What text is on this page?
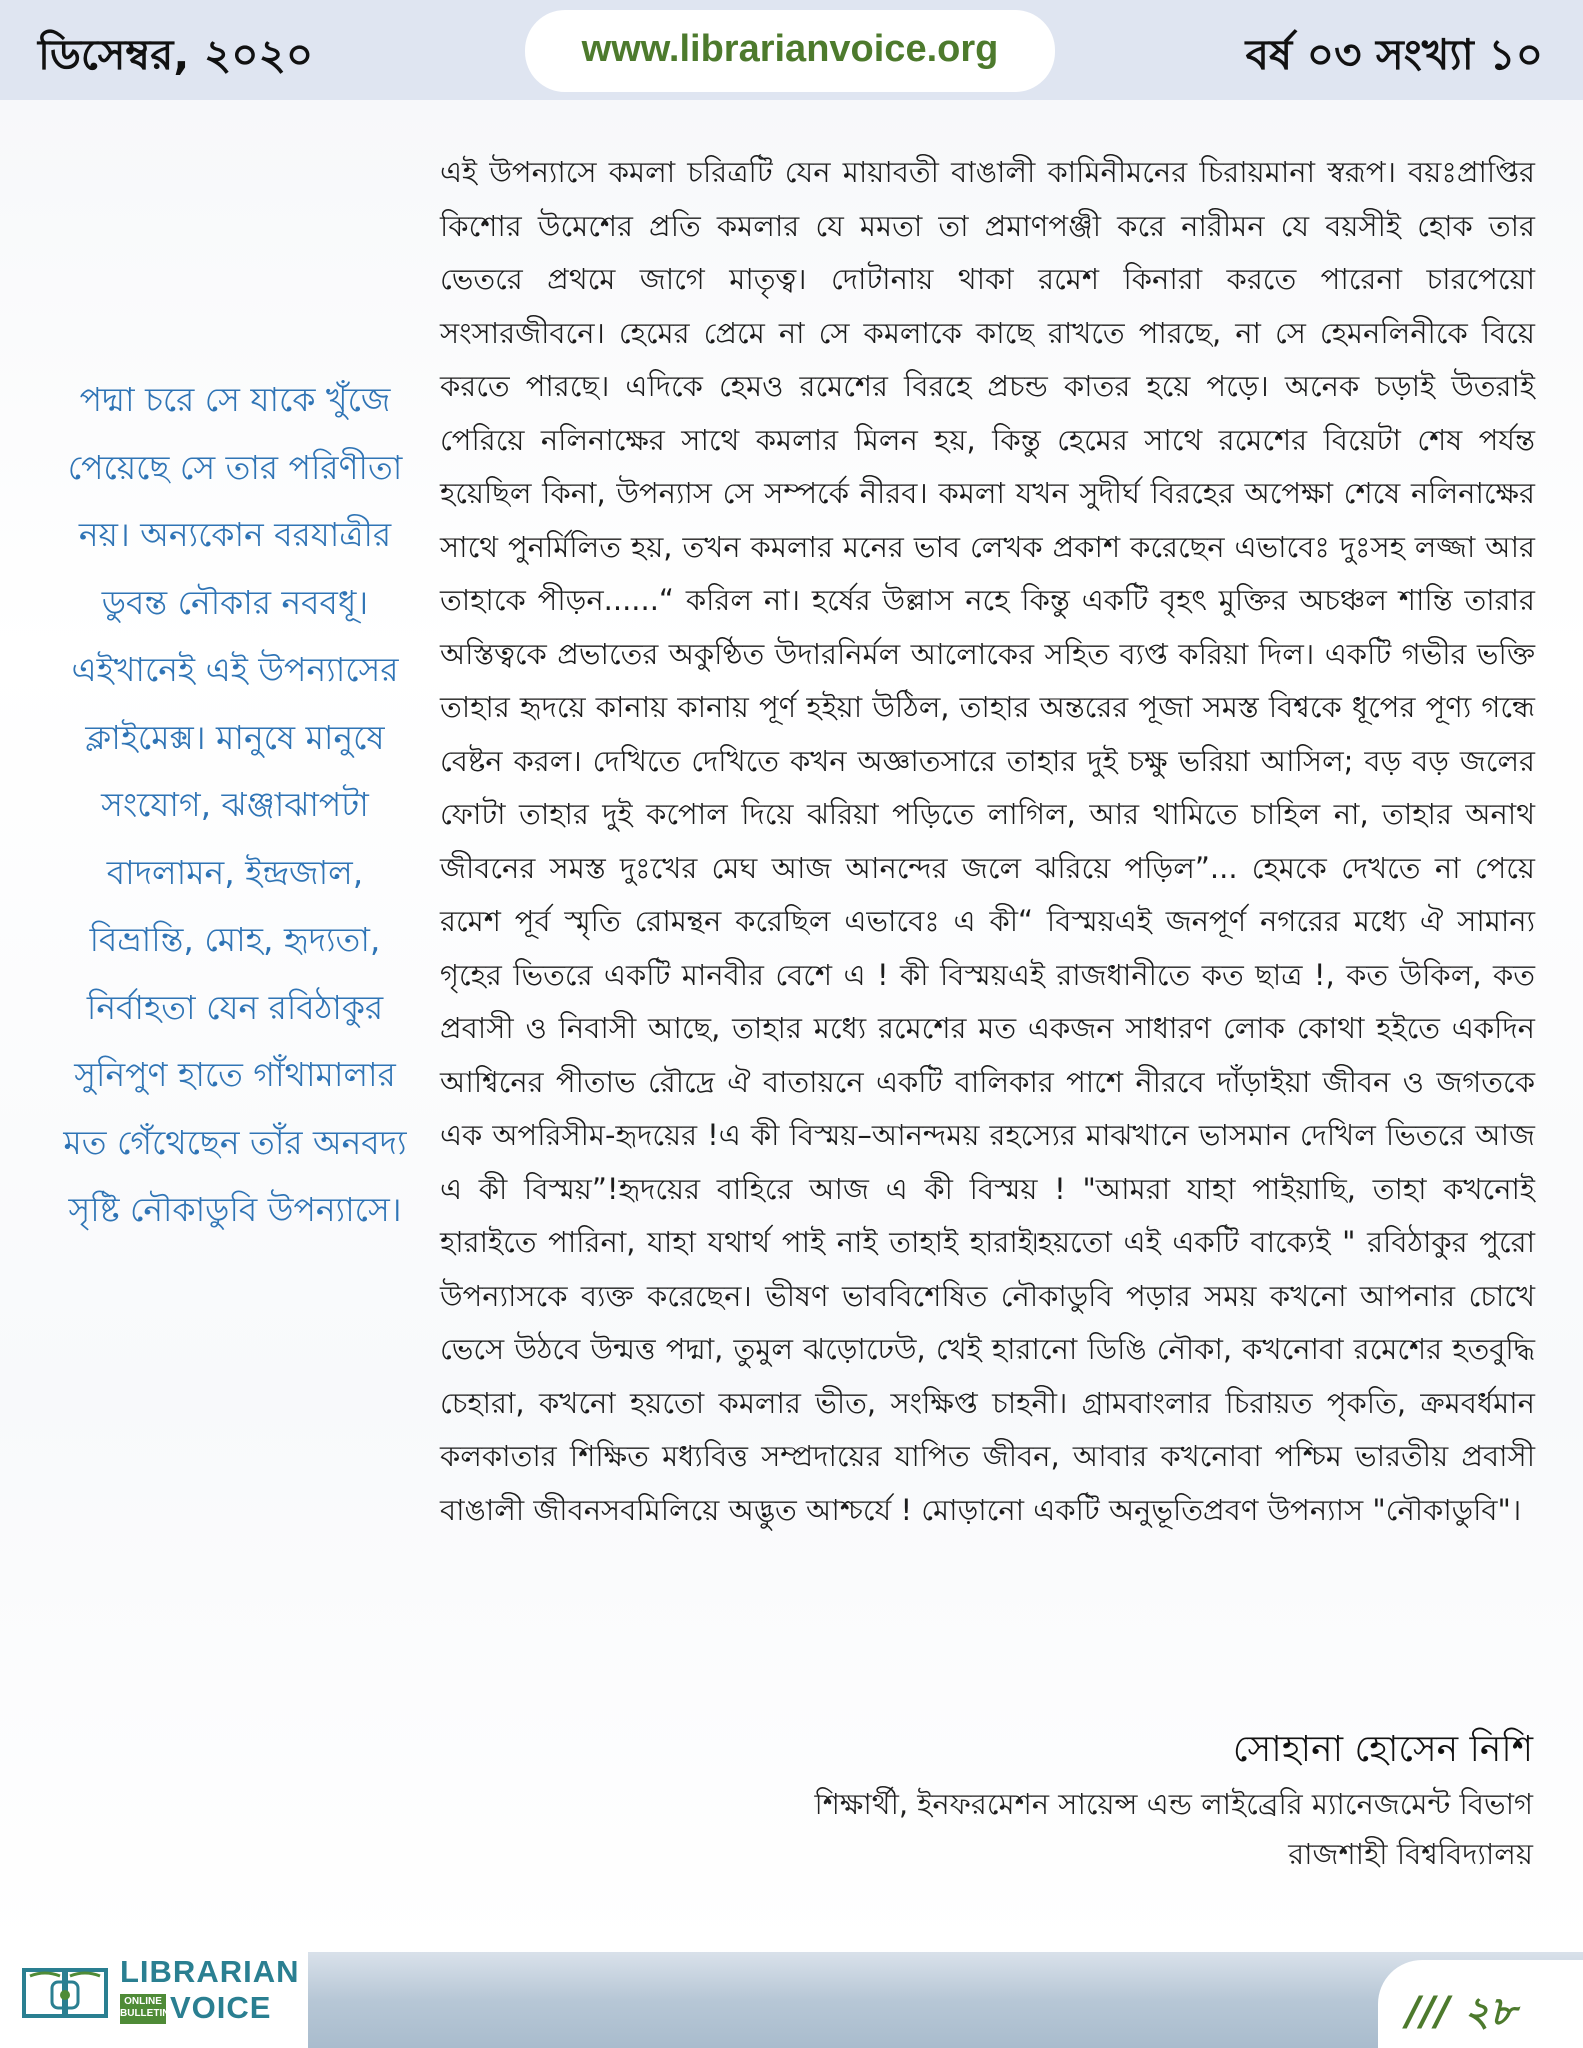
ডিসেম্বর, ২০২০	www.librarianvoice.org	বর্ষ ০৩ সংখ্যা ১০
পদ্মা চরে সে যাকে খুঁজে পেয়েছে সে তার পরিণীতা নয়। অন্যকোন বরযাত্রীর ডুবন্ত নৌকার নববধূ। এইখানেই এই উপন্যাসের ক্লাইমেক্স। মানুষে মানুষে সংযোগ, ঝঞ্জাঝাপটা বাদলামন, ইন্দ্রজাল, বিভ্রান্তি, মোহ, হৃদ্যতা, নির্বাহতা যেন রবিঠাকুর সুনিপুণ হাতে গাঁথামালার মত গেঁথেছেন তাঁর অনবদ্য সৃষ্টি নৌকাডুবি উপন্যাসে।

এই উপন্যাসে কমলা চরিত্রটি যেন মায়াবতী বাঙালী কামিনীমনের চিরায়মানা স্বরূপ। বয়ঃপ্রাপ্তির কিশোর উমেশের প্রতি কমলার যে মমতা তা প্রমাণপঞ্জী করে নারীমন যে বয়সীই হোক তার ভেতরে প্রথমে জাগে মাতৃত্ব। দোটানায় থাকা রমেশ কিনারা করতে পারেনা চারপেয়ো সংসারজীবনে। হেমের প্রেমে না সে কমলাকে কাছে রাখতে পারছে, না সে হেমনলিনীকে বিয়ে করতে পারছে। এদিকে হেমও রমেশের বিরহে প্রচন্ড কাতর হয়ে পড়ে। অনেক চড়াই উতরাই পেরিয়ে নলিনাক্ষের সাথে কমলার মিলন হয়, কিন্তু হেমের সাথে রমেশের বিয়েটা শেষ পর্যন্ত হয়েছিল কিনা, উপন্যাস সে সম্পর্কে নীরব। কমলা যখন সুদীর্ঘ বিরহের অপেক্ষা শেষে নলিনাক্ষের সাথে পুনর্মিলিত হয়, তখন কমলার মনের ভাব লেখক প্রকাশ করেছেন এভাবেঃ দুঃসহ লজ্জা আর তাহাকে পীড়ন......“ করিল না। হর্ষের উল্লাস নহে কিন্তু একটি বৃহৎ মুক্তির অচঞ্চল শান্তি তারার অস্তিত্বকে প্রভাতের অকুণ্ঠিত উদারনির্মল আলোকের সহিত ব্যপ্ত করিয়া দিল। একটি গভীর ভক্তি তাহার হৃদয়ে কানায় কানায় পূর্ণ হইয়া উঠিল, তাহার অন্তরের পূজা সমস্ত বিশ্বকে ধূপের পূণ্য গন্ধে বেষ্টন করল। দেখিতে দেখিতে কখন অজ্ঞাতসারে তাহার দুই চক্ষু ভরিয়া আসিল; বড় বড় জলের ফোটা তাহার দুই কপোল দিয়ে ঝরিয়া পড়িতে লাগিল, আর থামিতে চাহিল না, তাহার অনাথ জীবনের সমস্ত দুঃখের মেঘ আজ আনন্দের জলে ঝরিয়ে পড়িল”... হেমকে দেখতে না পেয়ে রমেশ পূর্ব স্মৃতি রোমন্থন করেছিল এভাবেঃ এ কী“ বিস্ময়এই জনপূর্ণ নগরের মধ্যে ঐ সামান্য গৃহের ভিতরে একটি মানবীর বেশে এ ! কী বিস্ময়এই রাজধানীতে কত ছাত্র !, কত উকিল, কত প্রবাসী ও নিবাসী আছে, তাহার মধ্যে রমেশের মত একজন সাধারণ লোক কোথা হইতে একদিন আশ্বিনের পীতাভ রৌদ্রে ঐ বাতায়নে একটি বালিকার পাশে নীরবে দাঁড়াইয়া জীবন ও জগতকে এক অপরিসীম-হৃদয়ের !এ কী বিস্ময়–আনন্দময় রহস্যের মাঝখানে ভাসমান দেখিল ভিতরে আজ এ কী বিস্ময়”!হৃদয়ের বাহিরে আজ এ কী বিস্ময় ! "আমরা যাহা পাইয়াছি, তাহা কখনোই হারাইতে পারিনা, যাহা যথার্থ পাই নাই তাহাই হারাই৷হয়তো এই একটি বাক্যেই " রবিঠাকুর পুরো উপন্যাসকে ব্যক্ত করেছেন। ভীষণ ভাববিশেষিত নৌকাডুবি পড়ার সময় কখনো আপনার চোখে ভেসে উঠবে উন্মত্ত পদ্মা, তুমুল ঝড়োঢেউ, খেই হারানো ডিঙি নৌকা, কখনোবা রমেশের হতবুদ্ধি চেহারা, কখনো হয়তো কমলার ভীত, সংক্ষিপ্ত চাহনী। গ্রামবাংলার চিরায়ত পৃকতি, ক্রমবর্ধমান কলকাতার শিক্ষিত মধ্যবিত্ত সম্প্রদায়ের যাপিত জীবন, আবার কখনোবা পশ্চিম ভারতীয় প্রবাসী বাঙালী জীবনসবমিলিয়ে অদ্ভুত আশ্চর্যে ! মোড়ানো একটি অনুভূতিপ্রবণ উপন্যাস "নৌকাডুবি"।

সোহানা হোসেন নিশি
শিক্ষার্থী, ইনফরমেশন সায়েন্স এন্ড লাইব্রেরি ম্যানেজমেন্ট বিভাগ
রাজশাহী বিশ্ববিদ্যালয়
LIBRARIAN
ONLINE BULLETIN VOICE	/// ২৮
